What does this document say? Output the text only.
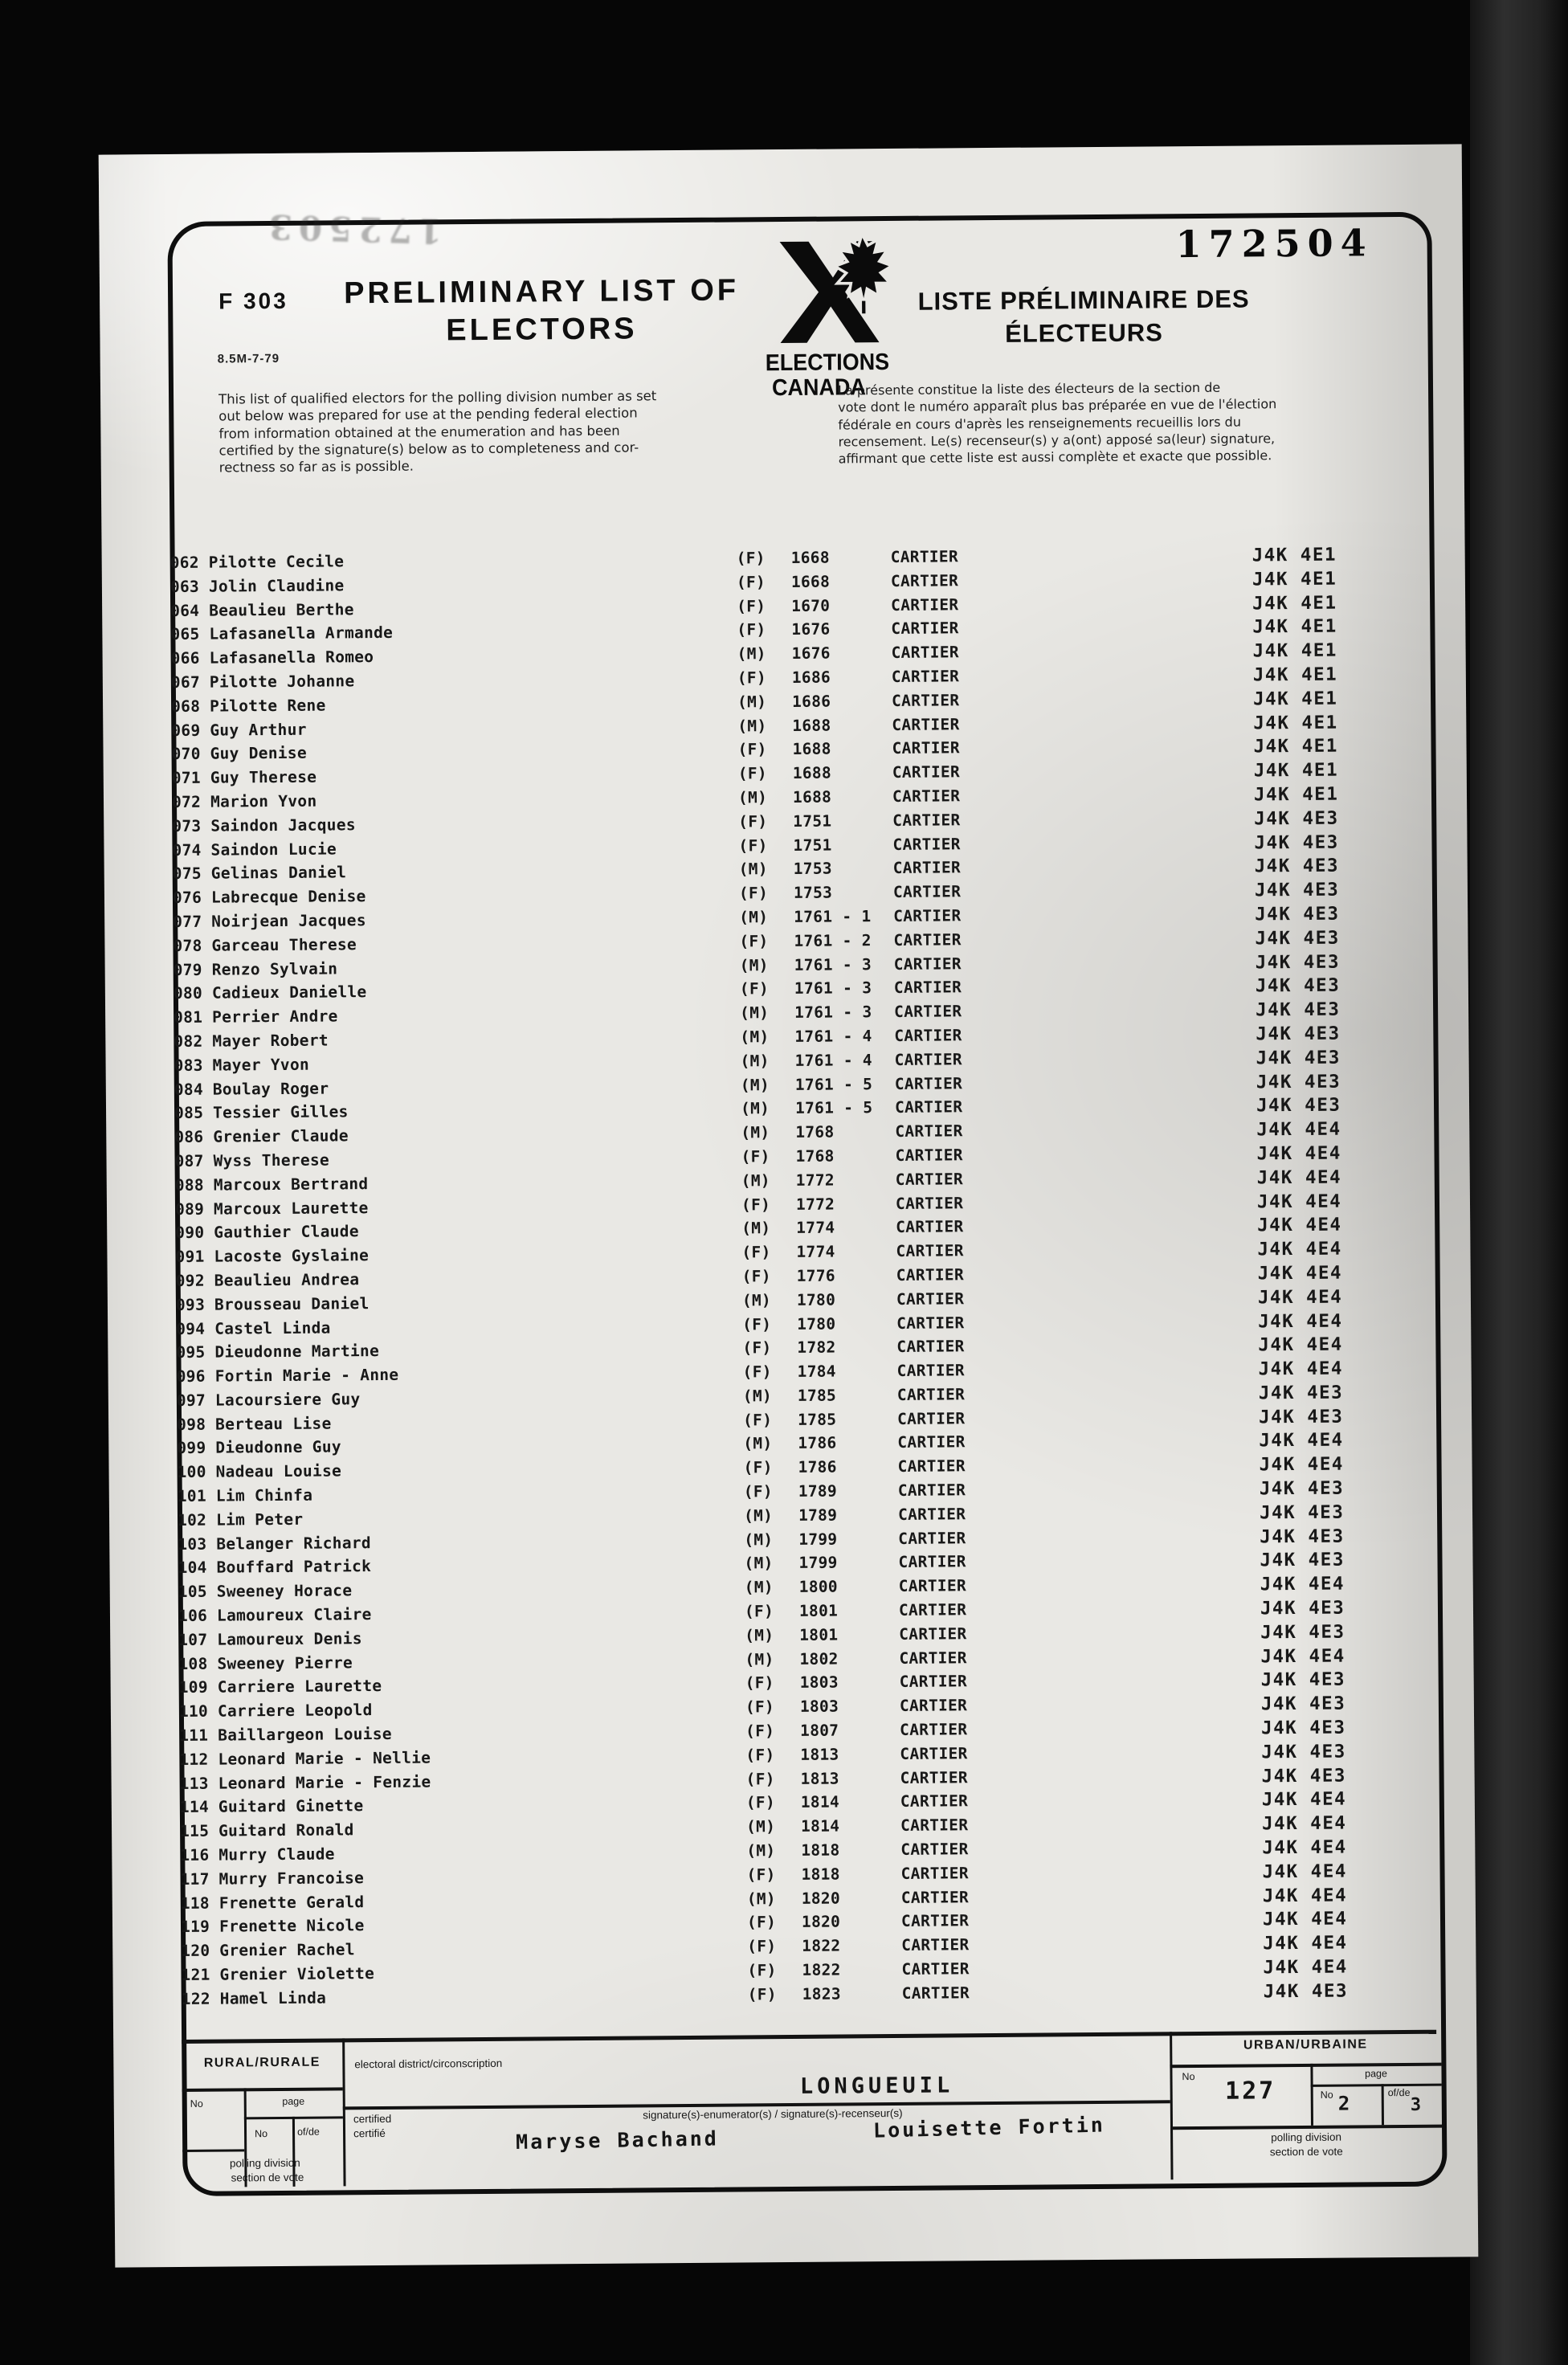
172503
F 303	PRELIMINARY LIST OF
ELECTORS
8.5M-7-79	ELECTIONS
CANADA
LISTE PRÉLIMINAIRE DES
ÉLECTEURS
172504
This list of qualified electors for the polling division number as set
out below was prepared for use at the pending federal election
from information obtained at the enumeration and has been
certified by the signature(s) below as to completeness and cor-
rectness so far as is possible.
La présente constitue la liste des électeurs de la section de
vote dont le numéro apparaît plus bas préparée en vue de l'élection
fédérale en cours d'après les renseignements recueillis lors du
recensement. Le(s) recenseur(s) y a(ont) apposé sa(leur) signature,
affirmant que cette liste est aussi complète et exacte que possible.
062 Pilotte Cecile	(F)	1668	CARTIER	J4K 4E1
063 Jolin Claudine	(F)	1668	CARTIER	J4K 4E1
064 Beaulieu Berthe	(F)	1670	CARTIER	J4K 4E1
065 Lafasanella Armande	(F)	1676	CARTIER	J4K 4E1
066 Lafasanella Romeo	(M)	1676	CARTIER	J4K 4E1
067 Pilotte Johanne	(F)	1686	CARTIER	J4K 4E1
068 Pilotte Rene	(M)	1686	CARTIER	J4K 4E1
069 Guy Arthur	(M)	1688	CARTIER	J4K 4E1
070 Guy Denise	(F)	1688	CARTIER	J4K 4E1
071 Guy Therese	(F)	1688	CARTIER	J4K 4E1
072 Marion Yvon	(M)	1688	CARTIER	J4K 4E1
073 Saindon Jacques	(F)	1751	CARTIER	J4K 4E3
074 Saindon Lucie	(F)	1751	CARTIER	J4K 4E3
075 Gelinas Daniel	(M)	1753	CARTIER	J4K 4E3
076 Labrecque Denise	(F)	1753	CARTIER	J4K 4E3
077 Noirjean Jacques	(M)	1761 - 1	CARTIER	J4K 4E3
078 Garceau Therese	(F)	1761 - 2	CARTIER	J4K 4E3
079 Renzo Sylvain	(M)	1761 - 3	CARTIER	J4K 4E3
080 Cadieux Danielle	(F)	1761 - 3	CARTIER	J4K 4E3
081 Perrier Andre	(M)	1761 - 3	CARTIER	J4K 4E3
082 Mayer Robert	(M)	1761 - 4	CARTIER	J4K 4E3
083 Mayer Yvon	(M)	1761 - 4	CARTIER	J4K 4E3
084 Boulay Roger	(M)	1761 - 5	CARTIER	J4K 4E3
085 Tessier Gilles	(M)	1761 - 5	CARTIER	J4K 4E3
086 Grenier Claude	(M)	1768	CARTIER	J4K 4E4
087 Wyss Therese	(F)	1768	CARTIER	J4K 4E4
088 Marcoux Bertrand	(M)	1772	CARTIER	J4K 4E4
089 Marcoux Laurette	(F)	1772	CARTIER	J4K 4E4
090 Gauthier Claude	(M)	1774	CARTIER	J4K 4E4
091 Lacoste Gyslaine	(F)	1774	CARTIER	J4K 4E4
092 Beaulieu Andrea	(F)	1776	CARTIER	J4K 4E4
093 Brousseau Daniel	(M)	1780	CARTIER	J4K 4E4
094 Castel Linda	(F)	1780	CARTIER	J4K 4E4
095 Dieudonne Martine	(F)	1782	CARTIER	J4K 4E4
096 Fortin Marie - Anne	(F)	1784	CARTIER	J4K 4E4
097 Lacoursiere Guy	(M)	1785	CARTIER	J4K 4E3
098 Berteau Lise	(F)	1785	CARTIER	J4K 4E3
099 Dieudonne Guy	(M)	1786	CARTIER	J4K 4E4
100 Nadeau Louise	(F)	1786	CARTIER	J4K 4E4
101 Lim Chinfa	(F)	1789	CARTIER	J4K 4E3
102 Lim Peter	(M)	1789	CARTIER	J4K 4E3
103 Belanger Richard	(M)	1799	CARTIER	J4K 4E3
104 Bouffard Patrick	(M)	1799	CARTIER	J4K 4E3
105 Sweeney Horace	(M)	1800	CARTIER	J4K 4E4
106 Lamoureux Claire	(F)	1801	CARTIER	J4K 4E3
107 Lamoureux Denis	(M)	1801	CARTIER	J4K 4E3
108 Sweeney Pierre	(M)	1802	CARTIER	J4K 4E4
109 Carriere Laurette	(F)	1803	CARTIER	J4K 4E3
110 Carriere Leopold	(F)	1803	CARTIER	J4K 4E3
111 Baillargeon Louise	(F)	1807	CARTIER	J4K 4E3
112 Leonard Marie - Nellie	(F)	1813	CARTIER	J4K 4E3
113 Leonard Marie - Fenzie	(F)	1813	CARTIER	J4K 4E3
114 Guitard Ginette	(F)	1814	CARTIER	J4K 4E4
115 Guitard Ronald	(M)	1814	CARTIER	J4K 4E4
116 Murry Claude	(M)	1818	CARTIER	J4K 4E4
117 Murry Francoise	(F)	1818	CARTIER	J4K 4E4
118 Frenette Gerald	(M)	1820	CARTIER	J4K 4E4
119 Frenette Nicole	(F)	1820	CARTIER	J4K 4E4
120 Grenier Rachel	(F)	1822	CARTIER	J4K 4E4
121 Grenier Violette	(F)	1822	CARTIER	J4K 4E4
122 Hamel Linda	(F)	1823	CARTIER	J4K 4E3
RURAL/RURALE
No	page
No	of/de
polling division
section de vote
electoral district/circonscription
LONGUEUIL
certified
certifié
signature(s)-enumerator(s) / signature(s)-recenseur(s)
Maryse Bachand	Louisette Fortin
URBAN/URBAINE
No
127
page
No 2	of/de
3
polling division
section de vote
